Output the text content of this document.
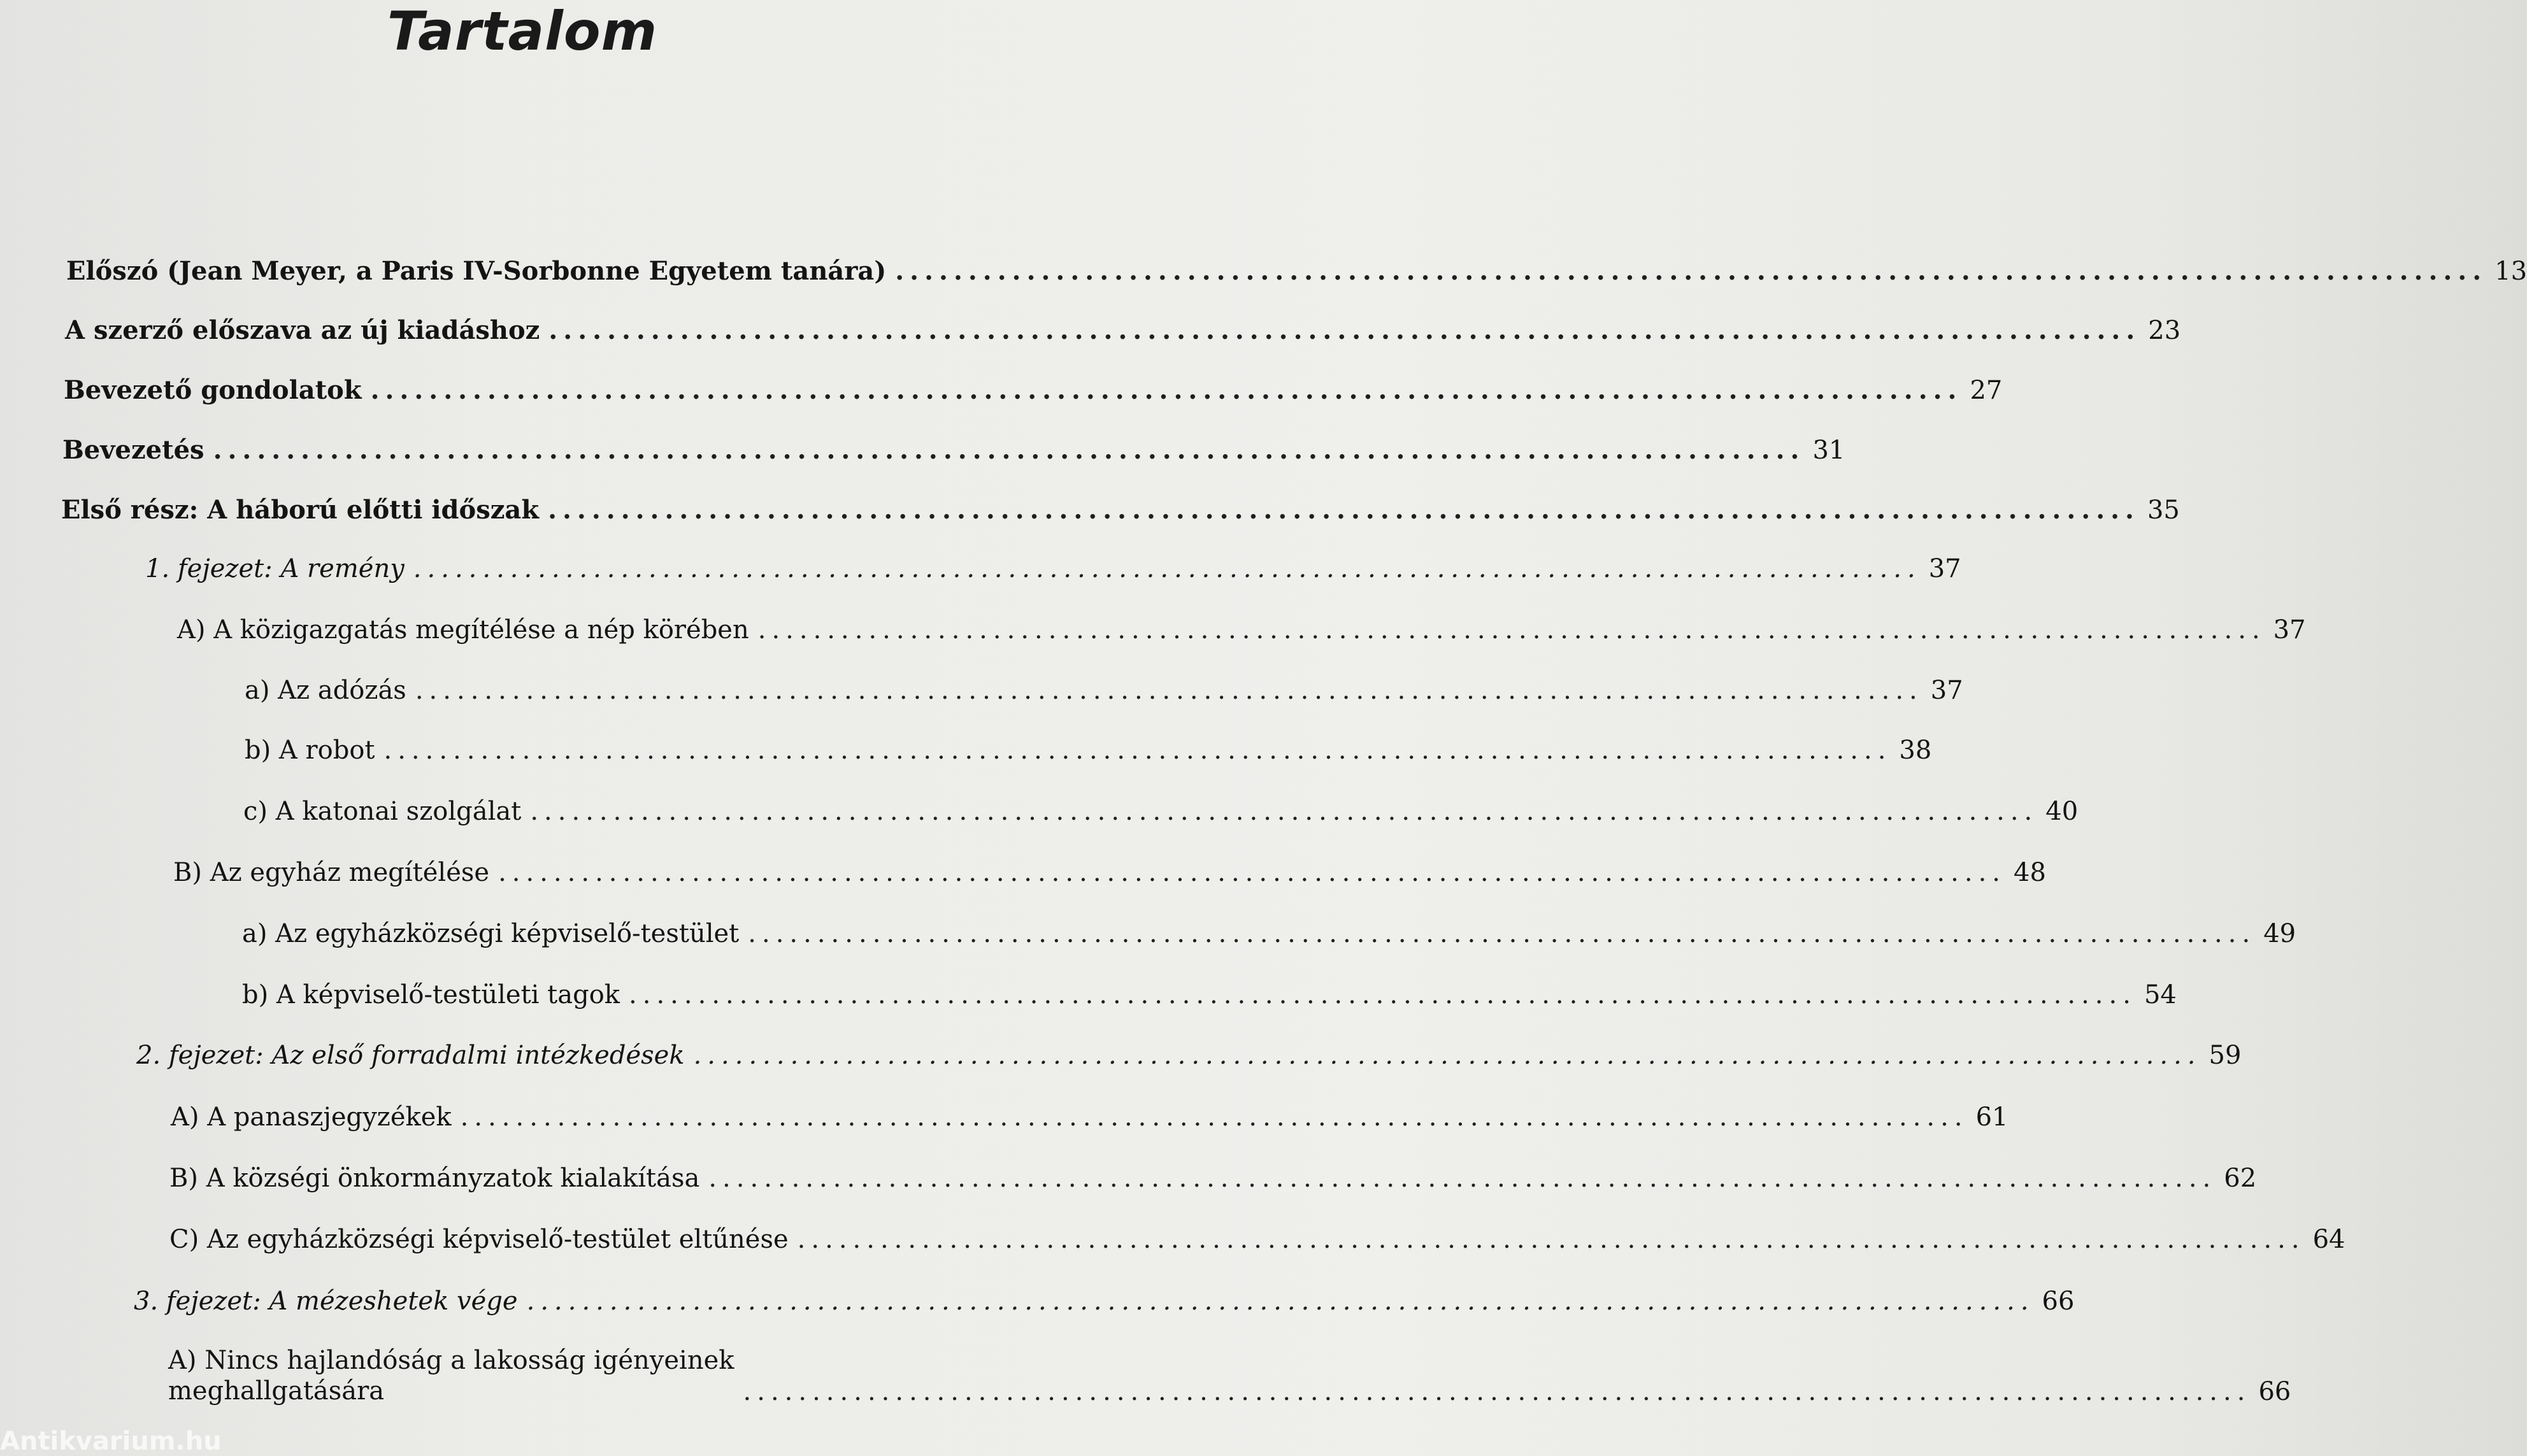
Tartalom
Előszó (Jean Meyer, a Paris IV-Sorbonne Egyetem tanára) ............................................................................................................. 13
A szerző előszava az új kiadáshoz ............................................................................................................. 23
Bevezető gondolatok ............................................................................................................. 27
Bevezetés ............................................................................................................. 31
Első rész: A háború előtti időszak ............................................................................................................. 35
1. fejezet: A remény ............................................................................................................. 37
A) A közigazgatás megítélése a nép körében ............................................................................................................. 37
a) Az adózás ............................................................................................................. 37
b) A robot ............................................................................................................. 38
c) A katonai szolgálat ............................................................................................................. 40
B) Az egyház megítélése ............................................................................................................. 48
a) Az egyházközségi képviselő-testület ............................................................................................................. 49
b) A képviselő-testületi tagok ............................................................................................................. 54
2. fejezet: Az első forradalmi intézkedések ............................................................................................................. 59
A) A panaszjegyzékek ............................................................................................................. 61
B) A községi önkormányzatok kialakítása ............................................................................................................. 62
C) Az egyházközségi képviselő-testület eltűnése ............................................................................................................. 64
3. fejezet: A mézeshetek vége ............................................................................................................. 66
A) Nincs hajlandóság a lakosság igényeinek
meghallgatására	............................................................................................................. 66
Antikvarium.hu
